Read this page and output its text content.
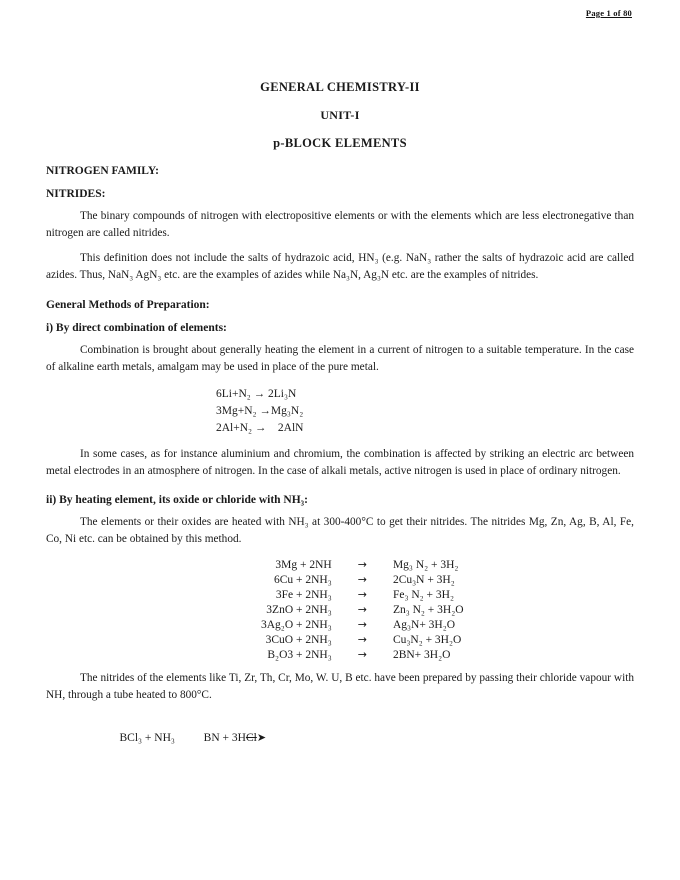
Page 1 of 80
GENERAL CHEMISTRY-II
UNIT-I
p-BLOCK ELEMENTS
NITROGEN FAMILY:
NITRIDES:

The binary compounds of nitrogen with electropositive elements or with the elements which are less electronegative than nitrogen are called nitrides.

This definition does not include the salts of hydrazoic acid, HN₃ (e.g. NaN₃ rather the salts of hydrazoic acid are called azides. Thus, NaN₃ AgN₃ etc. are the examples of azides while Na₃N, Ag₃N etc. are the examples of nitrides.

General Methods of Preparation:
i) By direct combination of elements:

Combination is brought about generally heating the element in a current of nitrogen to a suitable temperature. In the case of alkaline earth metals, amalgam may be used in place of the pure metal.

6Li+N₂ → 2Li₃N
3Mg+N₂ →Mg₃N₂
2Al+N₂ →    2AlN

In some cases, as for instance aluminium and chromium, the combination is affected by striking an electric arc between metal electrodes in an atmosphere of nitrogen. In the case of alkali metals, active nitrogen is used in place of ordinary nitrogen.

ii) By heating element, its oxide or chloride with NH₃:

The elements or their oxides are heated with NH₃ at 300-400°C to get their nitrides. The nitrides Mg, Zn, Ag, B, Al, Fe, Co, Ni etc. can be obtained by this method.

3Mg + 2NH	→	Mg₃ N₂ + 3H₂
6Cu + 2NH₃	→	2Cu₃N + 3H₂
3Fe + 2NH₃	→	Fe₃ N₂ + 3H₂
3ZnO + 2NH₃	→	Zn₃ N₂ + 3H₂O
3Ag₂O + 2NH₃	→	Ag₃N+ 3H₂O
3CuO + 2NH₃	→	Cu₃N₂ + 3H₂O
B₂O3 + 2NH₃	→	2BN+ 3H₂O

The nitrides of the elements like Ti, Zr, Th, Cr, Mo, W. U, B etc. have been prepared by passing their chloride vapour with NH, through a tube heated to 800°C.

BCl₃ + NH₃	BN + 3HCl➤
